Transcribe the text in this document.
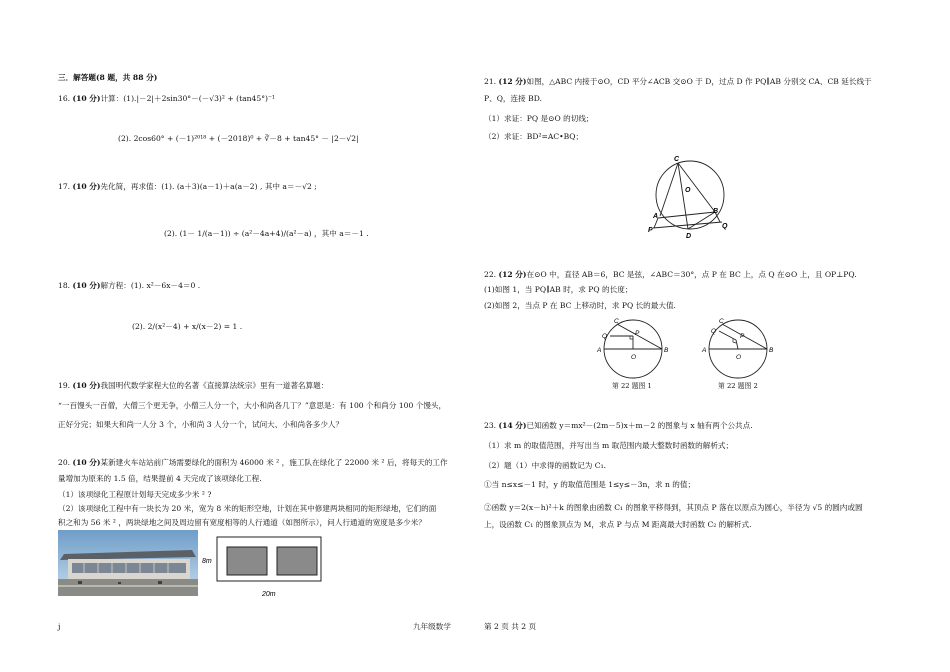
三．解答题(8 题，共 88 分)
16. (10 分)计算：(1).|－2|＋2sin30°－(－√3)² + (tan45°)⁻¹
(2). 2cos60° + (－1)²⁰¹⁸ + (－2018)⁰ + ∛－8 + tan45° － |2－√2|
17. (10 分)先化简，再求值：(1). (a＋3)(a－1)＋a(a－2) , 其中 a＝－√2 ;
(2). (1－ 1/(a－1)) ÷ (a²－4a+4)/(a²－a) ，其中 a＝－1 .
18. (10 分)解方程：(1). x²－6x－4＝0 .
(2). 2/(x²－4) + x/(x－2) = 1 .
19. (10 分)我国明代数学家程大位的名著《直接算法统宗》里有一道著名算题：
“一百馒头一百僧，大僧三个更无争，小僧三人分一个，大小和尚各几丁？”意思是：有 100 个和尚分 100 个馒头，
正好分完；如果大和尚一人分 3 个，小和尚 3 人分一个，试问大、小和尚各多少人？
20. (10 分)某新建火车站站前广场需要绿化的面积为 46000 米 ² ，施工队在绿化了 22000 米 ² 后，将每天的工作
量增加为原来的 1.5 倍，结果提前 4 天完成了该项绿化工程.
（1）该项绿化工程原计划每天完成多少米 ² ?
（2）该项绿化工程中有一块长为 20 米，宽为 8 米的矩形空地，计划在其中修建两块相同的矩形绿地，它们的面
积之和为 56 米 ² ，两块绿地之间及周边留有宽度相等的人行通道（如图所示），问人行通道的宽度是多少米？
8m
20m
j
21. (12 分)如图，△ABC 内接于⊙O，CD 平分∠ACB 交⊙O 于 D，过点 D 作 PQ∥AB 分别交 CA、CB 延长线于
P、Q，连接 BD.
（1）求证：PQ 是⊙O 的切线；
（2）求证：BD²=AC•BQ；
C
O
A
B
P
D
Q
22. (12 分)在⊙O 中，直径 AB＝6，BC 是弦，∠ABC＝30°，点 P 在 BC 上，点 Q 在⊙O 上，且 OP⊥PQ.
(1)如图 1，当 PQ∥AB 时，求 PQ 的长度；
(2)如图 2，当点 P 在 BC 上移动时，求 PQ 长的最大值.
C
Q	P
A
O
B
第 22 题图 1
C
Q
P
A
O
B
第 22 题图 2
23. (14 分)已知函数 y＝mx²－(2m－5)x＋m－2 的图象与 x 轴有两个公共点.
（1）求 m 的取值范围，并写出当 m 取范围内最大整数时函数的解析式；
（2）题（1）中求得的函数记为 C₁.
①当 n≤x≤－1 时，y 的取值范围是 1≤y≤－3n，求 n 的值；
②函数 y＝2(x－h)²＋k 的图象由函数 C₁ 的图象平移得到，其顶点 P 落在以原点为圆心，半径为 √5 的圆内或圆
上，设函数 C₁ 的图象顶点为 M，求点 P 与点 M 距离最大时函数 C₂ 的解析式.
九年级数学	第 2 页 共 2 页
